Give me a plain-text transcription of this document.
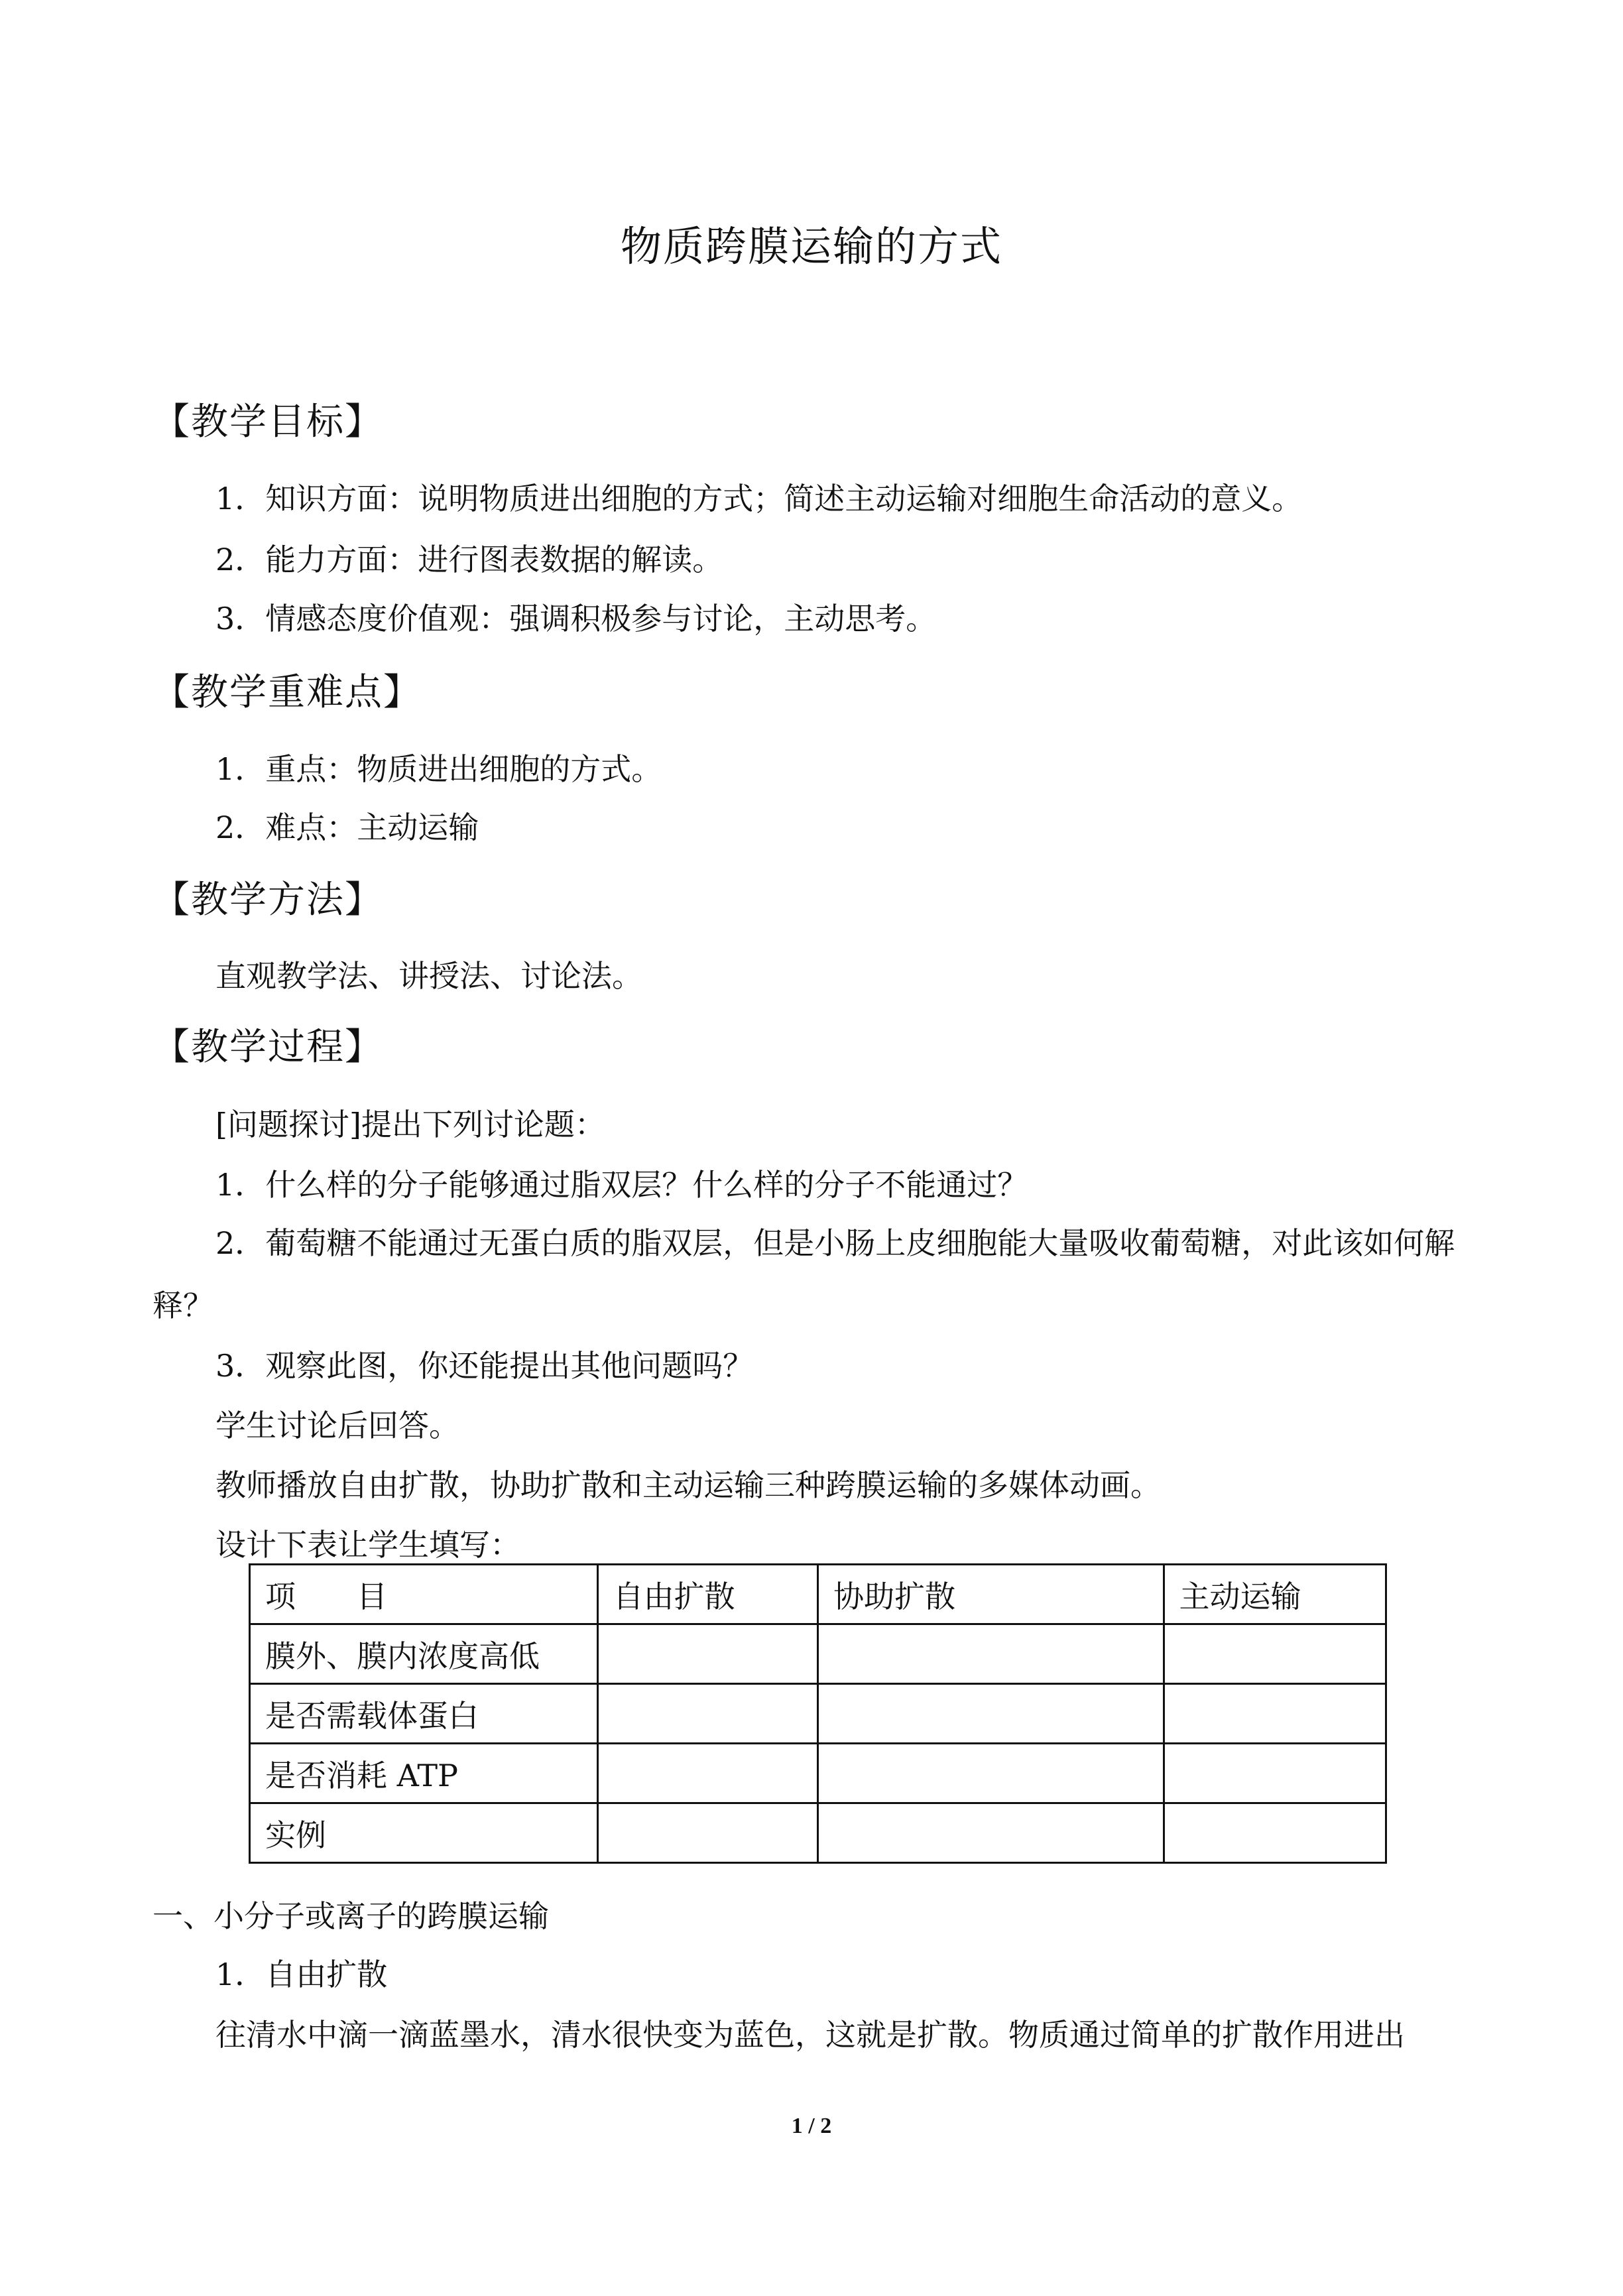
物质跨膜运输的方式
【教学目标】
1．知识方面：说明物质进出细胞的方式；简述主动运输对细胞生命活动的意义。
2．能力方面：进行图表数据的解读。
3．情感态度价值观：强调积极参与讨论，主动思考。
【教学重难点】
1．重点：物质进出细胞的方式。
2．难点：主动运输
【教学方法】
直观教学法、讲授法、讨论法。
【教学过程】
[问题探讨]提出下列讨论题：
1．什么样的分子能够通过脂双层？什么样的分子不能通过？

2．葡萄糖不能通过无蛋白质的脂双层，但是小肠上皮细胞能大量吸收葡萄糖，对此该如何解释？

3．观察此图，你还能提出其他问题吗？
学生讨论后回答。
教师播放自由扩散，协助扩散和主动运输三种跨膜运输的多媒体动画。
设计下表让学生填写：
项　　目	自由扩散	协助扩散	主动运输
膜外、膜内浓度高低			
是否需载体蛋白			
是否消耗 ATP			
实例			
一、小分子或离子的跨膜运输
1．自由扩散
往清水中滴一滴蓝墨水，清水很快变为蓝色，这就是扩散。物质通过简单的扩散作用进出
1 / 2
